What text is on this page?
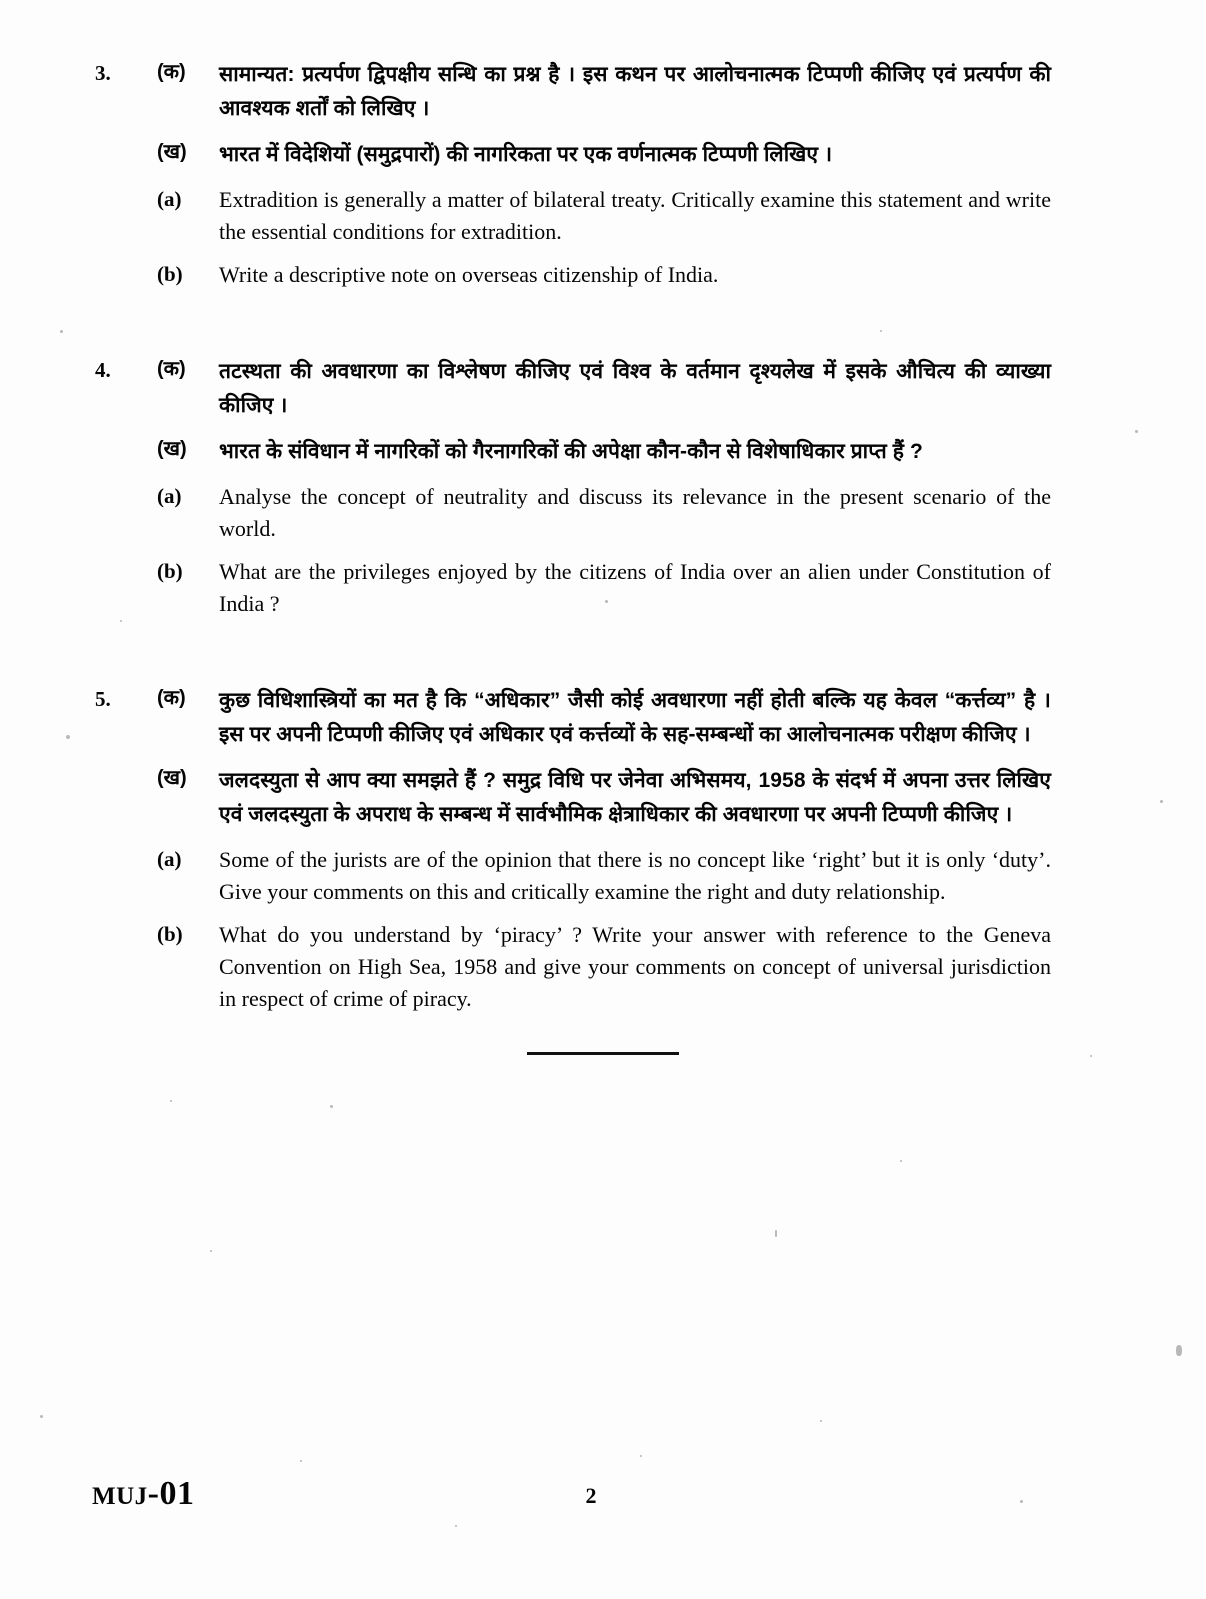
3.	(क)	सामान्यत: प्रत्यर्पण द्विपक्षीय सन्धि का प्रश्न है । इस कथन पर आलोचनात्मक टिप्पणी कीजिए एवं प्रत्यर्पण की आवश्यक शर्तों को लिखिए ।
(ख)	भारत में विदेशियों (समुद्रपारों) की नागरिकता पर एक वर्णनात्मक टिप्पणी लिखिए ।
(a)	Extradition is generally a matter of bilateral treaty. Critically examine this statement and write the essential conditions for extradition.
(b)	Write a descriptive note on overseas citizenship of India.
4.	(क)	तटस्थता की अवधारणा का विश्लेषण कीजिए एवं विश्व के वर्तमान दृश्यलेख में इसके औचित्य की व्याख्या कीजिए ।
(ख)	भारत के संविधान में नागरिकों को गैरनागरिकों की अपेक्षा कौन-कौन से विशेषाधिकार प्राप्त हैं ?
(a)	Analyse the concept of neutrality and discuss its relevance in the present scenario of the world.
(b)	What are the privileges enjoyed by the citizens of India over an alien under Constitution of India ?
5.	(क)	कुछ विधिशास्त्रियों का मत है कि “अधिकार” जैसी कोई अवधारणा नहीं होती बल्कि यह केवल “कर्त्तव्य” है । इस पर अपनी टिप्पणी कीजिए एवं अधिकार एवं कर्त्तव्यों के सह-सम्बन्धों का आलोचनात्मक परीक्षण कीजिए ।
(ख)	जलदस्युता से आप क्या समझते हैं ? समुद्र विधि पर जेनेवा अभिसमय, 1958 के संदर्भ में अपना उत्तर लिखिए एवं जलदस्युता के अपराध के सम्बन्ध में सार्वभौमिक क्षेत्राधिकार की अवधारणा पर अपनी टिप्पणी कीजिए ।
(a)	Some of the jurists are of the opinion that there is no concept like ‘right’ but it is only ‘duty’. Give your comments on this and critically examine the right and duty relationship.
(b)	What do you understand by ‘piracy’ ? Write your answer with reference to the Geneva Convention on High Sea, 1958 and give your comments on concept of universal jurisdiction in respect of crime of piracy.
MUJ-01	2
